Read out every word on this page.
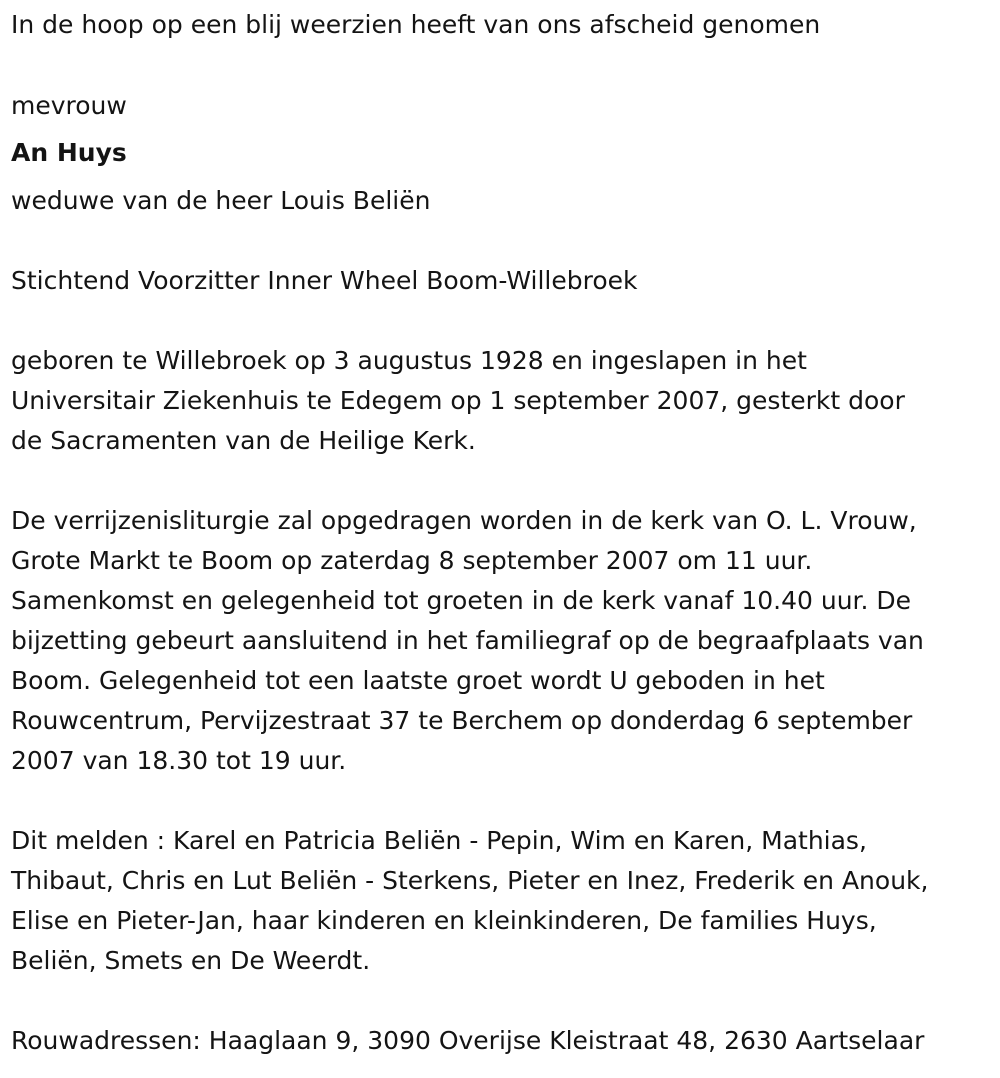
In de hoop op een blij weerzien heeft van ons afscheid genomen
mevrouw
An Huys
weduwe van de heer Louis Beliën
Stichtend Voorzitter Inner Wheel Boom-Willebroek
geboren te Willebroek op 3 augustus 1928 en ingeslapen in het
Universitair Ziekenhuis te Edegem op 1 september 2007, gesterkt door
de Sacramenten van de Heilige Kerk.
De verrijzenisliturgie zal opgedragen worden in de kerk van O. L. Vrouw,
Grote Markt te Boom op zaterdag 8 september 2007 om 11 uur.
Samenkomst en gelegenheid tot groeten in de kerk vanaf 10.40 uur. De
bijzetting gebeurt aansluitend in het familiegraf op de begraafplaats van
Boom. Gelegenheid tot een laatste groet wordt U geboden in het
Rouwcentrum, Pervijzestraat 37 te Berchem op donderdag 6 september
2007 van 18.30 tot 19 uur.
Dit melden : Karel en Patricia Beliën - Pepin, Wim en Karen, Mathias,
Thibaut, Chris en Lut Beliën - Sterkens, Pieter en Inez, Frederik en Anouk,
Elise en Pieter-Jan, haar kinderen en kleinkinderen, De families Huys,
Beliën, Smets en De Weerdt.
Rouwadressen: Haaglaan 9, 3090 Overijse Kleistraat 48, 2630 Aartselaar
